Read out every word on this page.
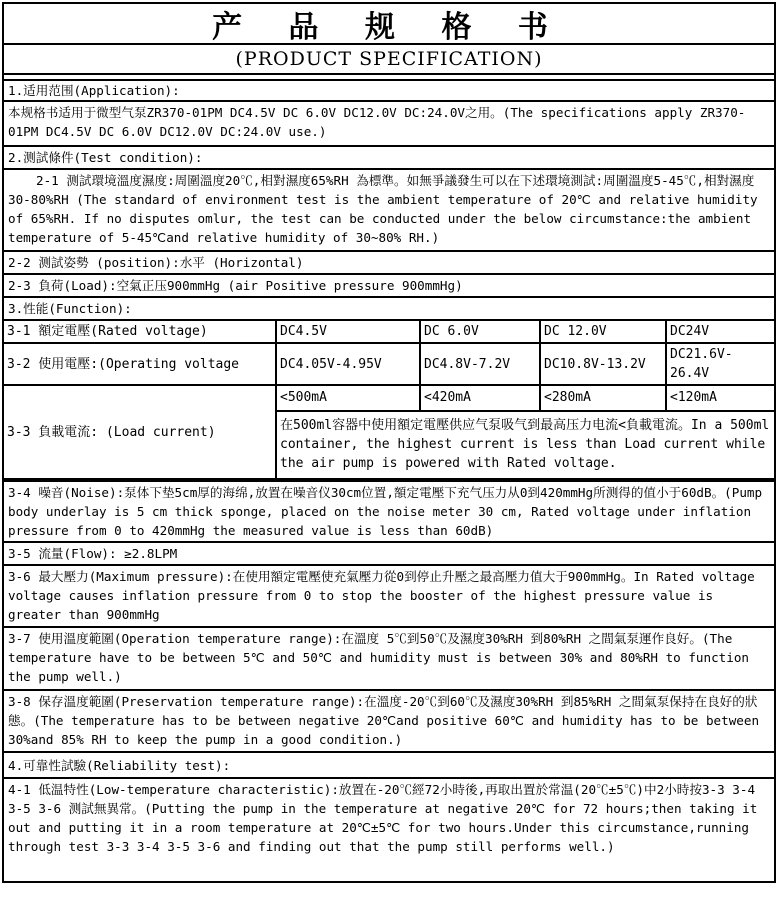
产 品 规 格 书
(PRODUCT SPECIFICATION)
1.适用范围(Application):
本规格书适用于微型气泵ZR370-01PM DC4.5V DC 6.0V DC12.0V DC:24.0V之用。(The specifications apply ZR370-01PM DC4.5V DC 6.0V DC12.0V DC:24.0V use.)
2.测試條件(Test condition):
2-1 测試環境溫度濕度:周圍溫度20℃,相對濕度65%RH 為標準。如無爭議發生可以在下述環境測試:周圍溫度5-45℃,相對濕度30-80%RH (The standard of environment test is the ambient temperature of 20℃ and relative humidity of 65%RH. If no disputes omlur, the test can be conducted under the below circumstance:the ambient temperature of 5-45℃and relative humidity of 30~80% RH.)
2-2 测試姿勢 (position):水平 (Horizontal)
2-3 負荷(Load):空氣正压900mmHg (air Positive pressure 900mmHg)
3.性能(Function):
3-1 額定電壓(Rated voltage)	DC4.5V	DC 6.0V	DC 12.0V	DC24V
3-2 使用電壓:(Operating voltage	DC4.05V-4.95V	DC4.8V-7.2V	DC10.8V-13.2V	DC21.6V-26.4V
3-3 負載電流: (Load current)	<500mA	<420mA	<280mA	<120mA
	在500ml容器中使用額定電壓供应气泵吸气到最高压力电流<負載電流。In a 500ml container, the highest current is less than Load current while the air pump is powered with Rated voltage.			
3-4 噪音(Noise):泵体下垫5cm厚的海绵,放置在噪音仪30cm位置,額定電壓下充气压力从0到420mmHg所测得的值小于60dB。(Pump body underlay is 5 cm thick sponge, placed on the noise meter 30 cm, Rated voltage under inflation pressure from 0 to 420mmHg the measured value is less than 60dB)
3-5 流量(Flow): ≥2.8LPM
3-6 最大壓力(Maximum pressure):在使用額定電壓使充氣壓力從0到停止升壓之最高壓力值大于900mmHg。In Rated voltage voltage causes inflation pressure from 0 to stop the booster of the highest pressure value is greater than 900mmHg
3-7 使用溫度範圍(Operation temperature range):在溫度 5℃到50℃及濕度30%RH 到80%RH 之間氣泵運作良好。(The temperature have to be between 5℃ and 50℃ and humidity must is between 30% and 80%RH to function the pump well.)
3-8 保存溫度範圍(Preservation temperature range):在溫度-20℃到60℃及濕度30%RH 到85%RH 之間氣泵保持在良好的狀態。(The temperature has to be between negative 20℃and positive 60℃ and humidity has to be between 30%and 85% RH to keep the pump in a good condition.)
4.可靠性試驗(Reliability test):
4-1 低温特性(Low-temperature characteristic):放置在-20℃經72小時後,再取出置於常温(20℃±5℃)中2小時按3-3 3-4 3-5 3-6 测試無異常。(Putting the pump in the temperature at negative 20℃ for 72 hours;then taking it out and putting it in a room temperature at 20℃±5℃ for two hours.Under this circumstance,running through test 3-3 3-4 3-5 3-6 and finding out that the pump still performs well.)
